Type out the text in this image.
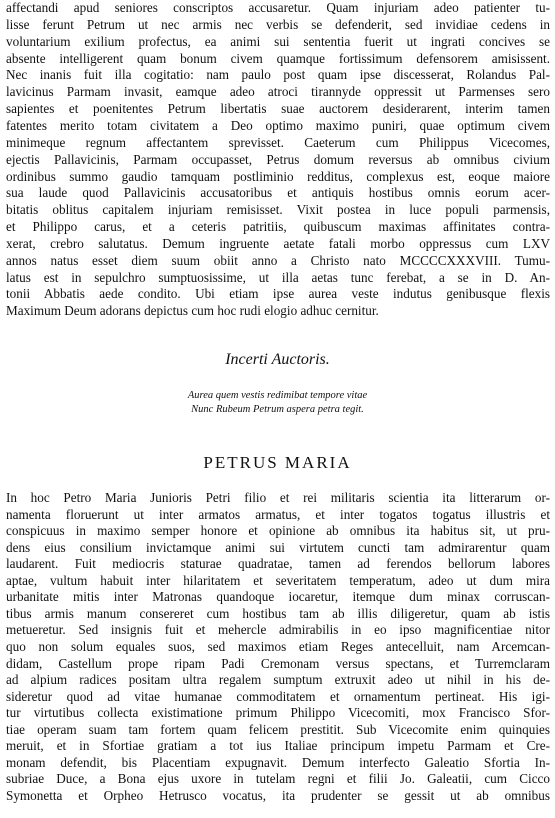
affectandi apud seniores conscriptos accusaretur. Quam injuriam adeo patienter tu-
lisse ferunt Petrum ut nec armis nec verbis se defenderit, sed invidiae cedens in
voluntarium exilium profectus, ea animi sui sententia fuerit ut ingrati concives se
absente intelligerent quam bonum civem quamque fortissimum defensorem amisissent.
Nec inanis fuit illa cogitatio: nam paulo post quam ipse discesserat, Rolandus Pal-
lavicinus Parmam invasit, eamque adeo atroci tirannyde oppressit ut Parmenses sero
sapientes et poenitentes Petrum libertatis suae auctorem desiderarent, interim tamen
fatentes merito totam civitatem a Deo optimo maximo puniri, quae optimum civem
minimeque regnum affectantem sprevisset. Caeterum cum Philippus Vicecomes,
ejectis Pallavicinis, Parmam occupasset, Petrus domum reversus ab omnibus civium
ordinibus summo gaudio tamquam postliminio redditus, complexus est, eoque maiore
sua laude quod Pallavicinis accusatoribus et antiquis hostibus omnis eorum acer-
bitatis oblitus capitalem injuriam remisisset. Vixit postea in luce populi parmensis,
et Philippo carus, et a ceteris patritiis, quibuscum maximas affinitates contra-
xerat, crebro salutatus. Demum ingruente aetate fatali morbo oppressus cum LXV
annos natus esset diem suum obiit anno a Christo nato MCCCCXXXVIII. Tumu-
latus est in sepulchro sumptuosissime, ut illa aetas tunc ferebat, a se in D. An-
tonii Abbatis aede condito. Ubi etiam ipse aurea veste indutus genibusque flexis
Maximum Deum adorans depictus cum hoc rudi elogio adhuc cernitur.
Incerti Auctoris.
Aurea quem vestis redimibat tempore vitae
Nunc Rubeum Petrum aspera petra tegit.
PETRUS MARIA
In hoc Petro Maria Junioris Petri filio et rei militaris scientia ita litterarum or-
namenta floruerunt ut inter armatos armatus, et inter togatos togatus illustris et
conspicuus in maximo semper honore et opinione ab omnibus ita habitus sit, ut pru-
dens eius consilium invictamque animi sui virtutem cuncti tam admirarentur quam
laudarent. Fuit mediocris staturae quadratae, tamen ad ferendos bellorum labores
aptae, vultum habuit inter hilaritatem et severitatem temperatum, adeo ut dum mira
urbanitate mitis inter Matronas quandoque iocaretur, itemque dum minax corruscan-
tibus armis manum consereret cum hostibus tam ab illis diligeretur, quam ab istis
metueretur. Sed insignis fuit et mehercle admirabilis in eo ipso magnificentiae nitor
quo non solum equales suos, sed maximos etiam Reges antecelluit, nam Arcemcan-
didam, Castellum prope ripam Padi Cremonam versus spectans, et Turremclaram
ad alpium radices positam ultra regalem sumptum extruxit adeo ut nihil in his de-
sideretur quod ad vitae humanae commoditatem et ornamentum pertineat. His igi-
tur virtutibus collecta existimatione primum Philippo Vicecomiti, mox Francisco Sfor-
tiae operam suam tam fortem quam felicem prestitit. Sub Vicecomite enim quinquies
meruit, et in Sfortiae gratiam a tot ius Italiae principum impetu Parmam et Cre-
monam defendit, bis Placentiam expugnavit. Demum interfecto Galeatio Sfortia In-
subriae Duce, a Bona ejus uxore in tutelam regni et filii Jo. Galeatii, cum Cicco
Symonetta et Orpheo Hetrusco vocatus, ita prudenter se gessit ut ab omnibus
